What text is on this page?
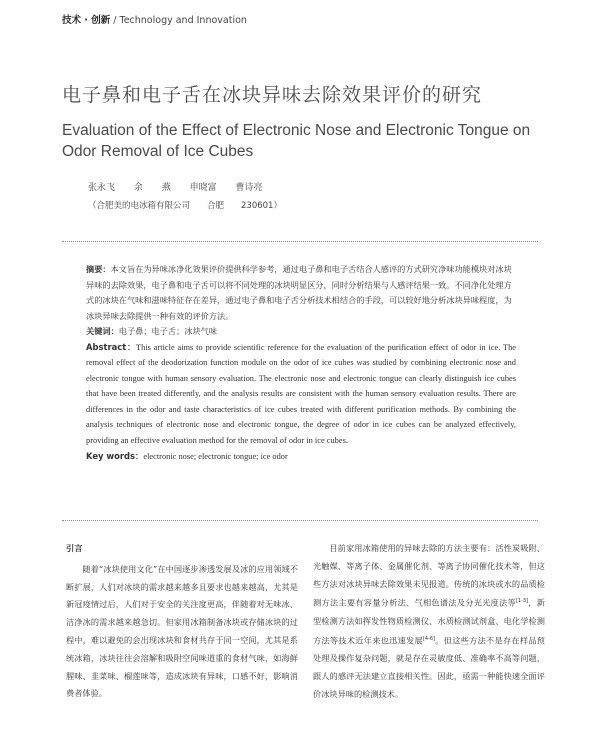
技术 · 创新 / Technology and Innovation
电子鼻和电子舌在冰块异味去除效果评价的研究
Evaluation of the Effect of Electronic Nose and Electronic Tongue on Odor Removal of Ice Cubes
张永飞 余 燕 申晓富 曹诗亮
（合肥美的电冰箱有限公司　　合肥　　230601）

摘要：本文旨在为异味冰净化效果评价提供科学参考，通过电子鼻和电子舌结合人感评的方式研究净味功能模块对冰块异味的去除效果，电子鼻和电子舌可以将不同处理的冰块明显区分，同时分析结果与人感评结果一致。不同净化处理方式的冰块在气味和滋味特征存在差异，通过电子鼻和电子舌分析技术相结合的手段，可以较好地分析冰块异味程度，为冰块异味去除提供一种有效的评价方法。

关键词：电子鼻；电子舌；冰块气味

Abstract：This article aims to provide scientific reference for the evaluation of the purification effect of odor in ice. The removal effect of the deodorization function module on the odor of ice cubes was studied by combining electronic nose and electronic tongue with human sensory evaluation. The electronic nose and electronic tongue can clearly distinguish ice cubes that have been treated differently, and the analysis results are consistent with the human sensory evaluation results. There are differences in the odor and taste characteristics of ice cubes treated with different purification methods. By combining the analysis techniques of electronic nose and electronic tongue, the degree of odor in ice cubes can be analyzed effectively, providing an effective evaluation method for the removal of odor in ice cubes.

Key words：electronic nose; electronic tongue; ice odor

引言

随着“冰块使用文化”在中国逐步渗透发展及冰的应用领域不断扩展，人们对冰块的需求越来越多且要求也越来越高，尤其是新冠疫情过后，人们对于安全的关注度更高，伴随着对无味冰、洁净冰的需求越来越急切。但家用冰箱制备冰块或存储冰块的过程中，难以避免的会出现冰块和食材共存于同一空间，尤其是系统冰箱，冰块往往会溶解和吸附空间味道重的食材气味，如海鲜腥味、韭菜味、榴莲味等，造成冰块有异味，口感不好，影响消费者体验。

目前家用冰箱使用的异味去除的方法主要有：活性炭吸附、光触媒、等离子体、金属催化剂、等离子协同催化技术等，但这些方法对冰块异味去除效果未见报道。传统的冰块或水的品质检测方法主要有容量分析法、气相色谱法及分光光度法等[1-3]，新型检测方法如挥发性物质检测仪、水质检测试剂盒、电化学检测方法等技术近年来也迅速发展[4-6]。但这些方法不是存在样品预处理及操作复杂问题，就是存在灵敏度低、准确率不高等问题，跟人的感评无法建立直接相关性。因此，亟需一种能快速全面评价冰块异味的检测技术。
